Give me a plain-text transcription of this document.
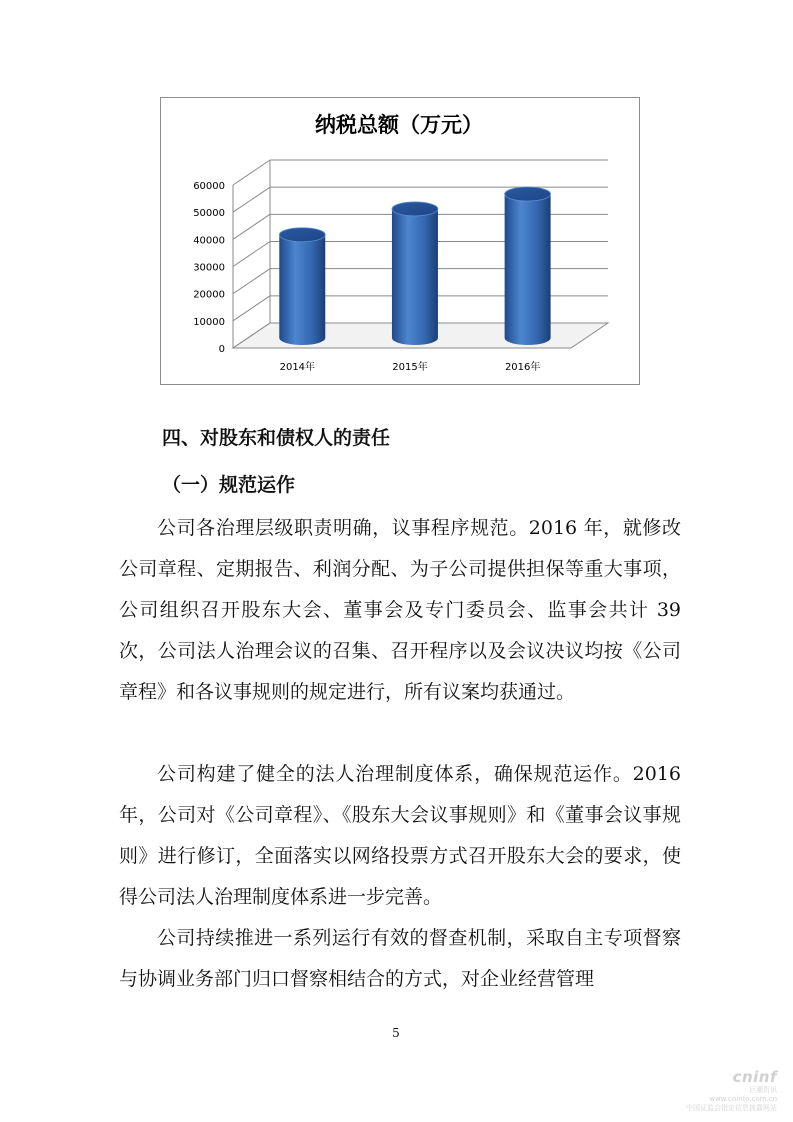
纳税总额（万元）
0
10000
20000
30000
40000
50000
60000
2014年	2015年	2016年
四、对股东和债权人的责任
（一）规范运作

公司各治理层级职责明确，议事程序规范。2016 年，就修改公司章程、定期报告、利润分配、为子公司提供担保等重大事项，公司组织召开股东大会、董事会及专门委员会、监事会共计 39 次，公司法人治理会议的召集、召开程序以及会议决议均按《公司章程》和各议事规则的规定进行，所有议案均获通过。

公司构建了健全的法人治理制度体系，确保规范运作。2016 年，公司对《公司章程》、《股东大会议事规则》和《董事会议事规则》进行修订，全面落实以网络投票方式召开股东大会的要求，使得公司法人治理制度体系进一步完善。

公司持续推进一系列运行有效的督查机制，采取自主专项督察与协调业务部门归口督察相结合的方式，对企业经营管理

5
cninf
巨潮资讯
www.cninfo.com.cn
中国证监会指定信息披露网站
